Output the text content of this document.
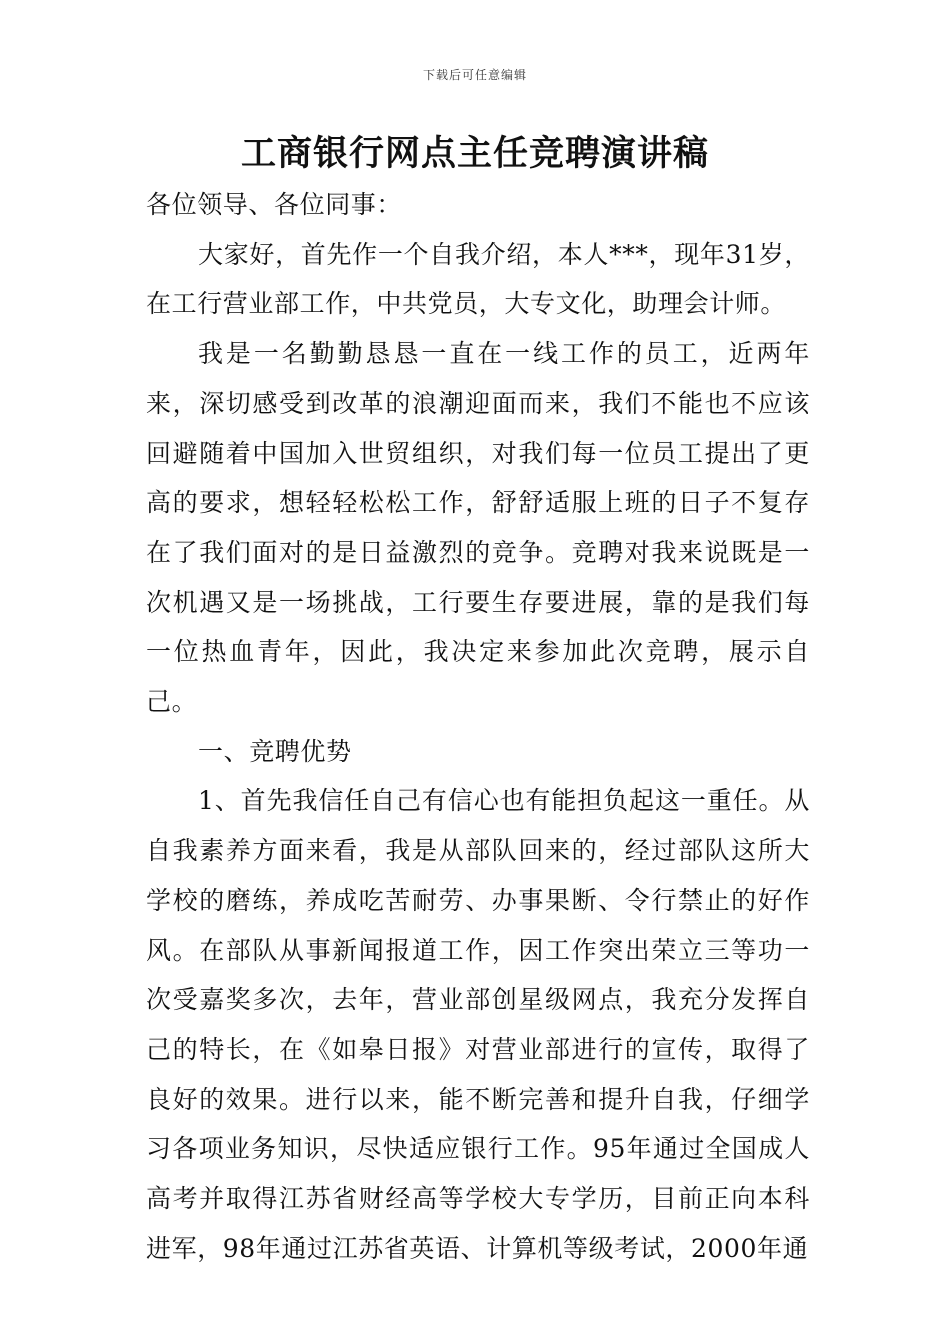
下载后可任意编辑
工商银行网点主任竞聘演讲稿

各位领导、各位同事：

大家好，首先作一个自我介绍，本人***，现年31岁，在工行营业部工作，中共党员，大专文化，助理会计师。

我是一名勤勤恳恳一直在一线工作的员工，近两年来，深切感受到改革的浪潮迎面而来，我们不能也不应该回避随着中国加入世贸组织，对我们每一位员工提出了更高的要求，想轻轻松松工作，舒舒适服上班的日子不复存在了我们面对的是日益激烈的竞争。竞聘对我来说既是一次机遇又是一场挑战，工行要生存要进展，靠的是我们每一位热血青年，因此，我决定来参加此次竞聘，展示自己。

一、竞聘优势

1、首先我信任自己有信心也有能担负起这一重任。从自我素养方面来看，我是从部队回来的，经过部队这所大学校的磨练，养成吃苦耐劳、办事果断、令行禁止的好作风。在部队从事新闻报道工作，因工作突出荣立三等功一次受嘉奖多次，去年，营业部创星级网点，我充分发挥自己的特长，在《如皋日报》对营业部进行的宣传，取得了良好的效果。进行以来，能不断完善和提升自我，仔细学习各项业务知识，尽快适应银行工作。95年通过全国成人高考并取得江苏省财经高等学校大专学历，目前正向本科进军，98年通过江苏省英语、计算机等级考试，2000年通
